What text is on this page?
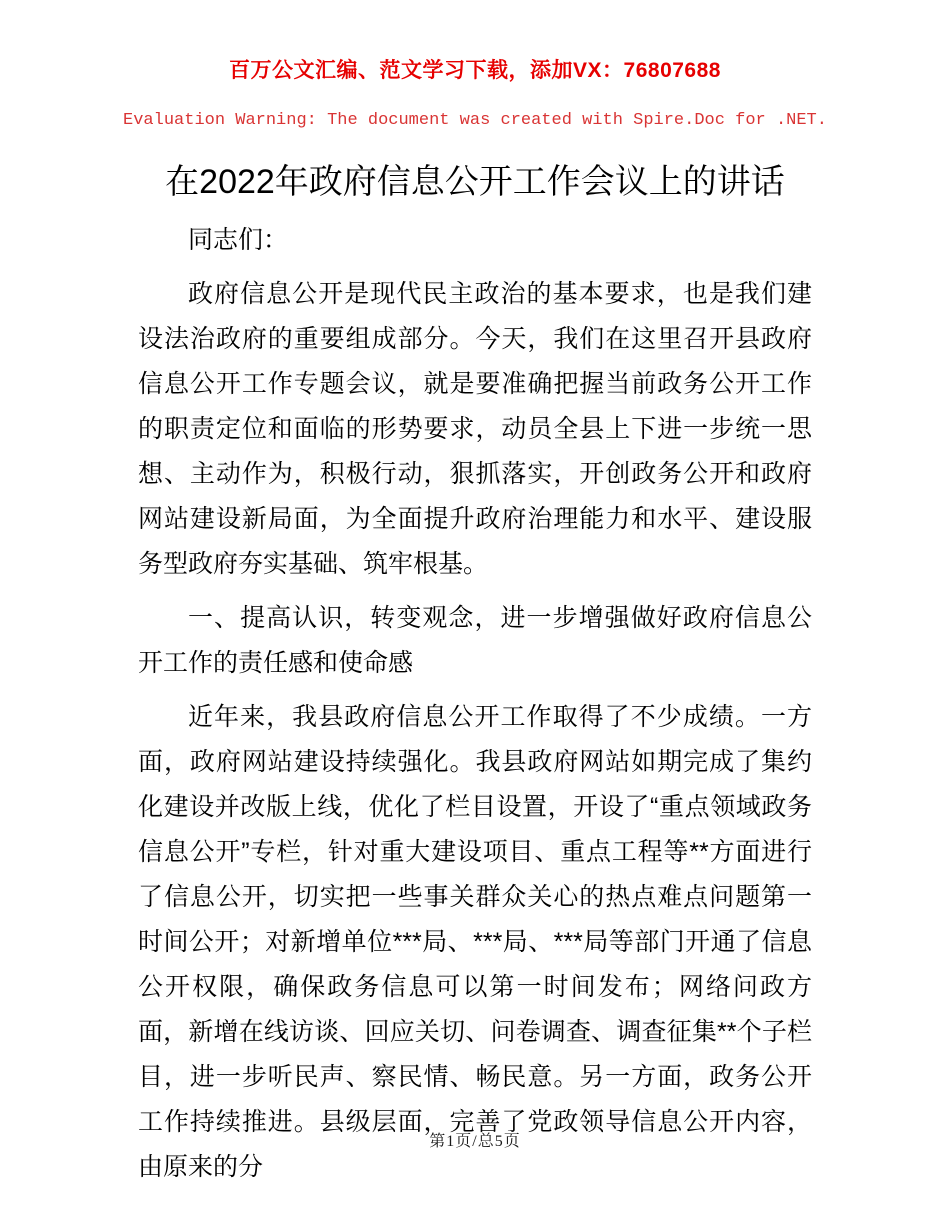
百万公文汇编、范文学习下载，添加VX：76807688
Evaluation Warning: The document was created with Spire.Doc for .NET.
在2022年政府信息公开工作会议上的讲话

同志们：

政府信息公开是现代民主政治的基本要求，也是我们建设法治政府的重要组成部分。今天，我们在这里召开县政府信息公开工作专题会议，就是要准确把握当前政务公开工作的职责定位和面临的形势要求，动员全县上下进一步统一思想、主动作为，积极行动，狠抓落实，开创政务公开和政府网站建设新局面，为全面提升政府治理能力和水平、建设服务型政府夯实基础、筑牢根基。

一、提高认识，转变观念，进一步增强做好政府信息公开工作的责任感和使命感

近年来，我县政府信息公开工作取得了不少成绩。一方面，政府网站建设持续强化。我县政府网站如期完成了集约化建设并改版上线，优化了栏目设置，开设了“重点领域政务信息公开”专栏，针对重大建设项目、重点工程等**方面进行了信息公开，切实把一些事关群众关心的热点难点问题第一时间公开；对新增单位***局、***局、***局等部门开通了信息公开权限，确保政务信息可以第一时间发布；网络问政方面，新增在线访谈、回应关切、问卷调查、调查征集**个子栏目，进一步听民声、察民情、畅民意。另一方面，政务公开工作持续推进。县级层面，完善了党政领导信息公开内容，由原来的分

第1页/总5页
